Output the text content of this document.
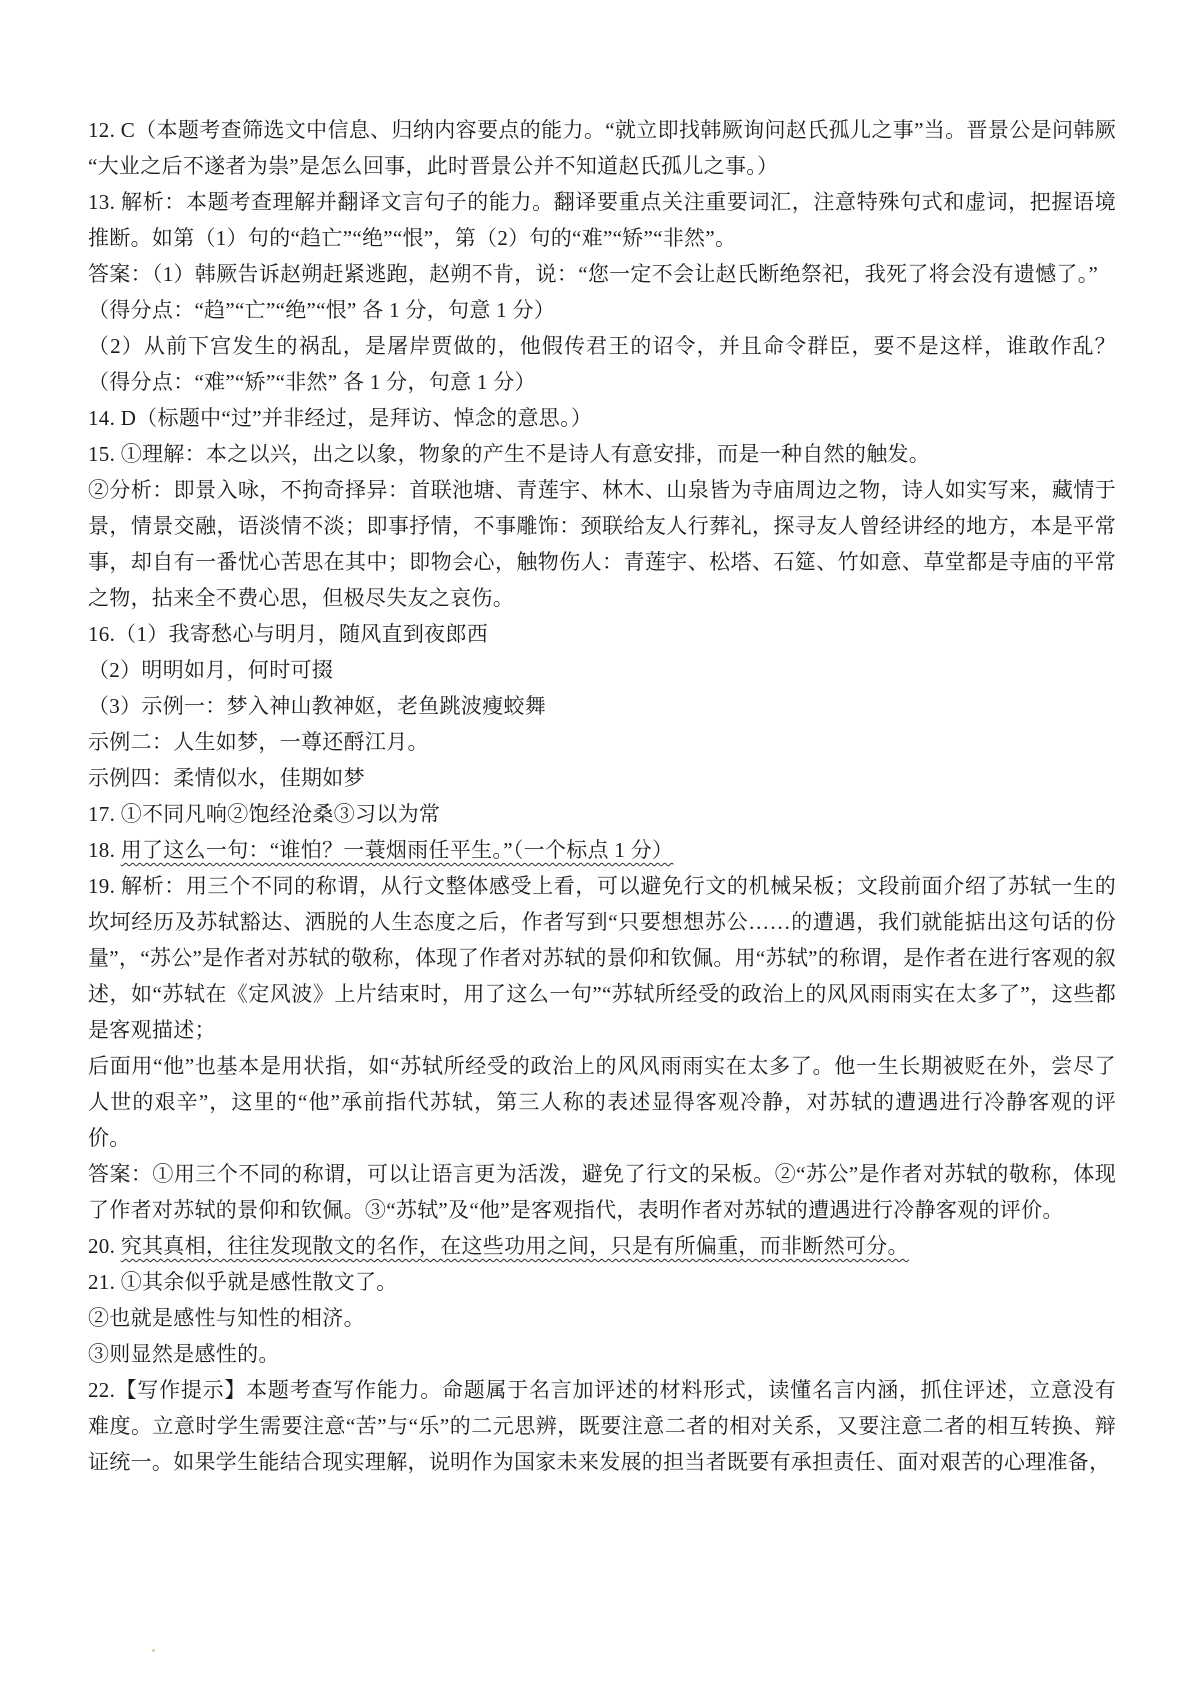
12. C（本题考查筛选文中信息、归纳内容要点的能力。“就立即找韩厥询问赵氏孤儿之事”当。晋景公是问韩厥“大业之后不遂者为祟”是怎么回事，此时晋景公并不知道赵氏孤儿之事。）

13. 解析：本题考查理解并翻译文言句子的能力。翻译要重点关注重要词汇，注意特殊句式和虚词，把握语境推断。如第（1）句的“趋亡”“绝”“恨”，第（2）句的“难”“矫”“非然”。

答案：（1）韩厥告诉赵朔赶紧逃跑，赵朔不肯，说：“您一定不会让赵氏断绝祭祀，我死了将会没有遗憾了。”

（得分点：“趋”“亡”“绝”“恨” 各 1 分，句意 1 分）

（2）从前下宫发生的祸乱，是屠岸贾做的，他假传君王的诏令，并且命令群臣，要不是这样，谁敢作乱？（得分点：“难”“矫”“非然” 各 1 分，句意 1 分）

14. D（标题中“过”并非经过，是拜访、悼念的意思。）

15. ①理解：本之以兴，出之以象，物象的产生不是诗人有意安排，而是一种自然的触发。

②分析：即景入咏，不拘奇择异：首联池塘、青莲宇、林木、山泉皆为寺庙周边之物，诗人如实写来，藏情于景，情景交融，语淡情不淡；即事抒情，不事雕饰：颈联给友人行葬礼，探寻友人曾经讲经的地方，本是平常事，却自有一番忧心苦思在其中；即物会心，触物伤人：青莲宇、松塔、石筵、竹如意、草堂都是寺庙的平常之物，拈来全不费心思，但极尽失友之哀伤。

16.（1）我寄愁心与明月，随风直到夜郎西

（2）明明如月，何时可掇

（3）示例一：梦入神山教神妪，老鱼跳波瘦蛟舞

示例二：人生如梦，一尊还酹江月。

示例四：柔情似水，佳期如梦

17. ①不同凡响②饱经沧桑③习以为常

18. 用了这么一句：“谁怕？一蓑烟雨任平生。”（一个标点 1 分）

19. 解析：用三个不同的称谓，从行文整体感受上看，可以避免行文的机械呆板；文段前面介绍了苏轼一生的坎坷经历及苏轼豁达、洒脱的人生态度之后，作者写到“只要想想苏公……的遭遇，我们就能掂出这句话的份量”，“苏公”是作者对苏轼的敬称，体现了作者对苏轼的景仰和钦佩。用“苏轼”的称谓，是作者在进行客观的叙述，如“苏轼在《定风波》上片结束时，用了这么一句”“苏轼所经受的政治上的风风雨雨实在太多了”，这些都是客观描述；

后面用“他”也基本是用状指，如“苏轼所经受的政治上的风风雨雨实在太多了。他一生长期被贬在外，尝尽了人世的艰辛”，这里的“他”承前指代苏轼，第三人称的表述显得客观冷静，对苏轼的遭遇进行冷静客观的评价。

答案：①用三个不同的称谓，可以让语言更为活泼，避免了行文的呆板。②“苏公”是作者对苏轼的敬称，体现了作者对苏轼的景仰和钦佩。③“苏轼”及“他”是客观指代，表明作者对苏轼的遭遇进行冷静客观的评价。

20. 究其真相，往往发现散文的名作，在这些功用之间，只是有所偏重，而非断然可分。

21. ①其余似乎就是感性散文了。

②也就是感性与知性的相济。

③则显然是感性的。

22.【写作提示】本题考查写作能力。命题属于名言加评述的材料形式，读懂名言内涵，抓住评述，立意没有难度。立意时学生需要注意“苦”与“乐”的二元思辨，既要注意二者的相对关系，又要注意二者的相互转换、辩证统一。如果学生能结合现实理解，说明作为国家未来发展的担当者既要有承担责任、面对艰苦的心理准备，
